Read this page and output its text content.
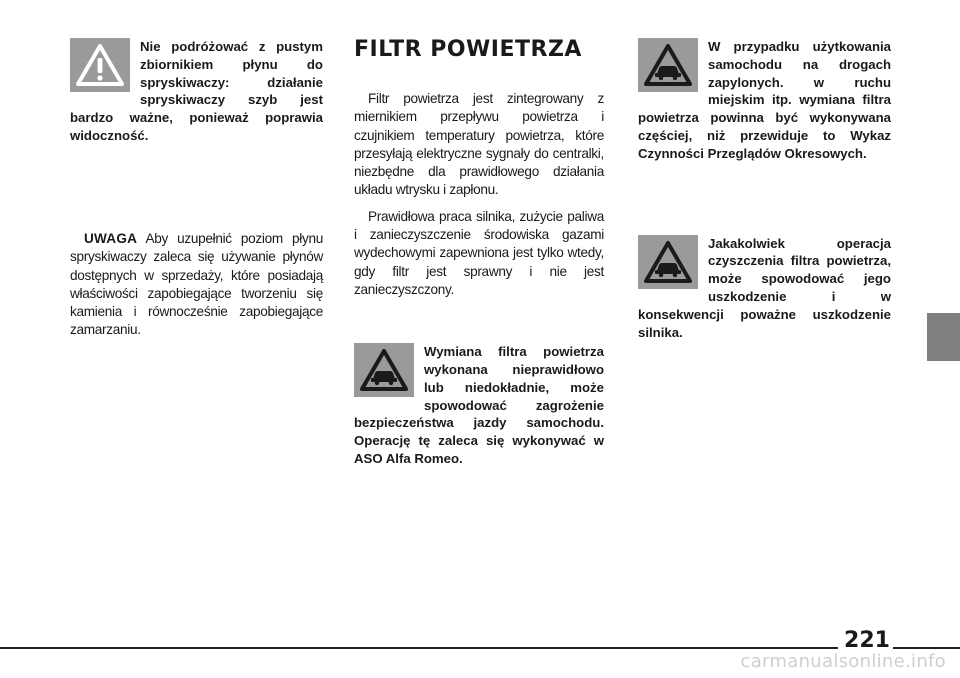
Nie podróżować z pustym zbiornikiem płynu do spryskiwaczy: działanie spryskiwaczy szyb jest bardzo ważne, ponieważ poprawia widoczność.

UWAGA Aby uzupełnić poziom płynu spryskiwaczy zaleca się używanie płynów dostępnych w sprzedaży, które posiadają właściwości zapobiegające tworzeniu się kamienia i równocześnie zapobiegające zamarzaniu.

FILTR POWIETRZA

Filtr powietrza jest zintegrowany z miernikiem przepływu powietrza i czujnikiem temperatury powietrza, które przesyłają elektryczne sygnały do centralki, niezbędne dla prawidłowego działania układu wtrysku i zapłonu.

Prawidłowa praca silnika, zużycie paliwa i zanieczyszczenie środowiska gazami wydechowymi zapewniona jest tylko wtedy, gdy filtr jest sprawny i nie jest zanieczyszczony.

Wymiana filtra powietrza wykonana nieprawidłowo lub niedokładnie, może spowodować zagrożenie bezpieczeństwa jazdy samochodu. Operację tę zaleca się wykonywać w ASO Alfa Romeo.

W przypadku użytkowania samochodu na drogach zapylonych. w ruchu miejskim itp. wymiana filtra powietrza powinna być wykonywana częściej, niż przewiduje to Wykaz Czynności Przeglądów Okresowych.

Jakakolwiek operacja czyszczenia filtra powietrza, może spowodować jego uszkodzenie i w konsekwencji poważne uszkodzenie silnika.

221
carmanualsonline.info
